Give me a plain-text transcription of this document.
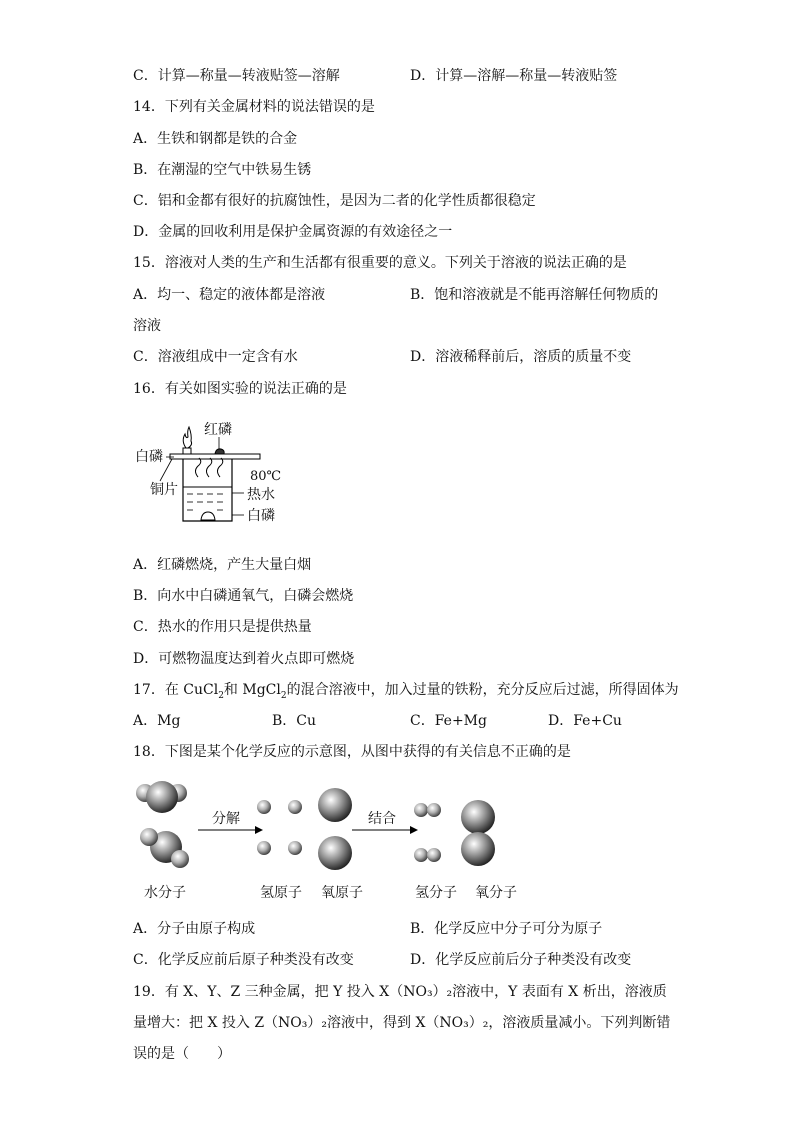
C．计算—称量—转液贴签—溶解	D．计算—溶解—称量—转液贴签
14．下列有关金属材料的说法错误的是
A．生铁和钢都是铁的合金
B．在潮湿的空气中铁易生锈
C．铝和金都有很好的抗腐蚀性，是因为二者的化学性质都很稳定
D．金属的回收利用是保护金属资源的有效途径之一
15．溶液对人类的生产和生活都有很重要的意义。下列关于溶液的说法正确的是
A．均一、稳定的液体都是溶液	B．饱和溶液就是不能再溶解任何物质的
溶液
C．溶液组成中一定含有水	D．溶液稀释前后，溶质的质量不变
16．有关如图实验的说法正确的是
红磷
白磷
80℃
铜片	热水
白磷
A．红磷燃烧，产生大量白烟
B．向水中白磷通氧气，白磷会燃烧
C．热水的作用只是提供热量
D．可燃物温度达到着火点即可燃烧
17．在 CuCl$_2$和 MgCl$_2$的混合溶液中，加入过量的铁粉，充分反应后过滤，所得固体为
A．Mg	B．Cu	C．Fe+Mg	D．Fe+Cu
18．下图是某个化学反应的示意图，从图中获得的有关信息不正确的是
分解	结合
水分子	氢原子 氧原子	氢分子 氧分子
A．分子由原子构成	B．化学反应中分子可分为原子
C．化学反应前后原子种类没有改变	D．化学反应前后分子种类没有改变
19．有 X、Y、Z 三种金属，把 Y 投入 X（NO₃）₂溶液中，Y 表面有 X 析出，溶液质
量增大：把 X 投入 Z（NO₃）₂溶液中，得到 X（NO₃）₂，溶液质量减小。下列判断错
误的是（　　）
